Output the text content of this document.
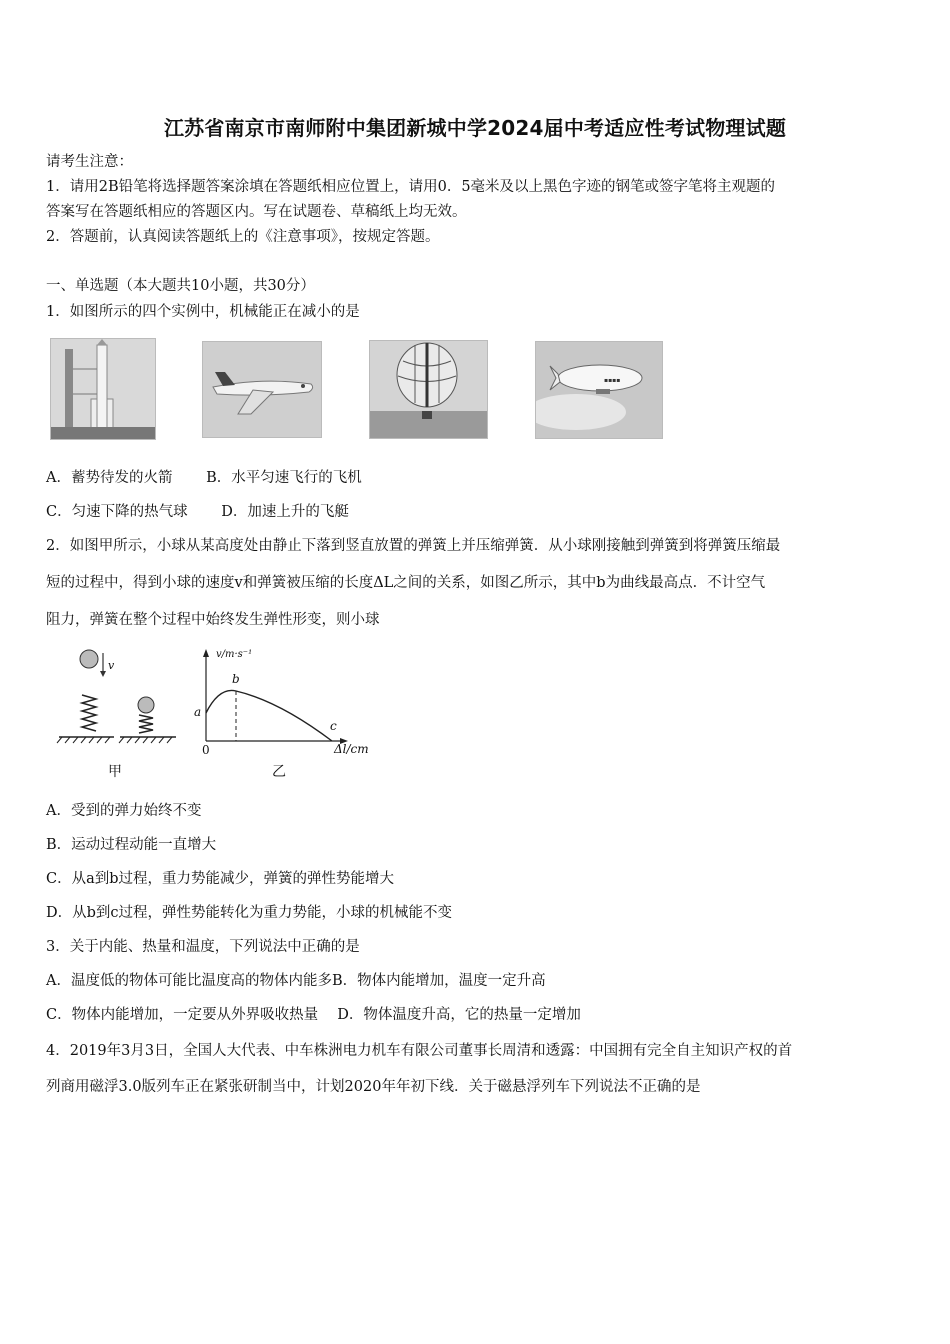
江苏省南京市南师附中集团新城中学2024届中考适应性考试物理试题
请考生注意：
1．请用2B铅笔将选择题答案涂填在答题纸相应位置上，请用0．5毫米及以上黑色字迹的钢笔或签字笔将主观题的
答案写在答题纸相应的答题区内。写在试题卷、草稿纸上均无效。
2．答题前，认真阅读答题纸上的《注意事项》，按规定答题。
一、单选题（本大题共10小题，共30分）
1．如图所示的四个实例中，机械能正在减小的是
▪▪▪▪
A．蓄势待发的火箭　　 B．水平匀速飞行的飞机
C．匀速下降的热气球　　 D．加速上升的飞艇
2．如图甲所示，小球从某高度处由静止下落到竖直放置的弹簧上并压缩弹簧．从小球刚接触到弹簧到将弹簧压缩最
短的过程中，得到小球的速度v和弹簧被压缩的长度ΔL之间的关系，如图乙所示，其中b为曲线最高点．不计空气
阻力，弹簧在整个过程中始终发生弹性形变，则小球
v
v/m·s⁻¹
a
b
c
0	Δl/cm
甲	乙
A．受到的弹力始终不变
B．运动过程动能一直增大
C．从a到b过程，重力势能减少，弹簧的弹性势能增大
D．从b到c过程，弹性势能转化为重力势能，小球的机械能不变
3．关于内能、热量和温度，下列说法中正确的是
A．温度低的物体可能比温度高的物体内能多B．物体内能增加，温度一定升高
C．物体内能增加，一定要从外界吸收热量　 D．物体温度升高，它的热量一定增加
4．2019年3月3日，全国人大代表、中车株洲电力机车有限公司董事长周清和透露：中国拥有完全自主知识产权的首
列商用磁浮3.0版列车正在紧张研制当中，计划2020年年初下线．关于磁悬浮列车下列说法不正确的是
